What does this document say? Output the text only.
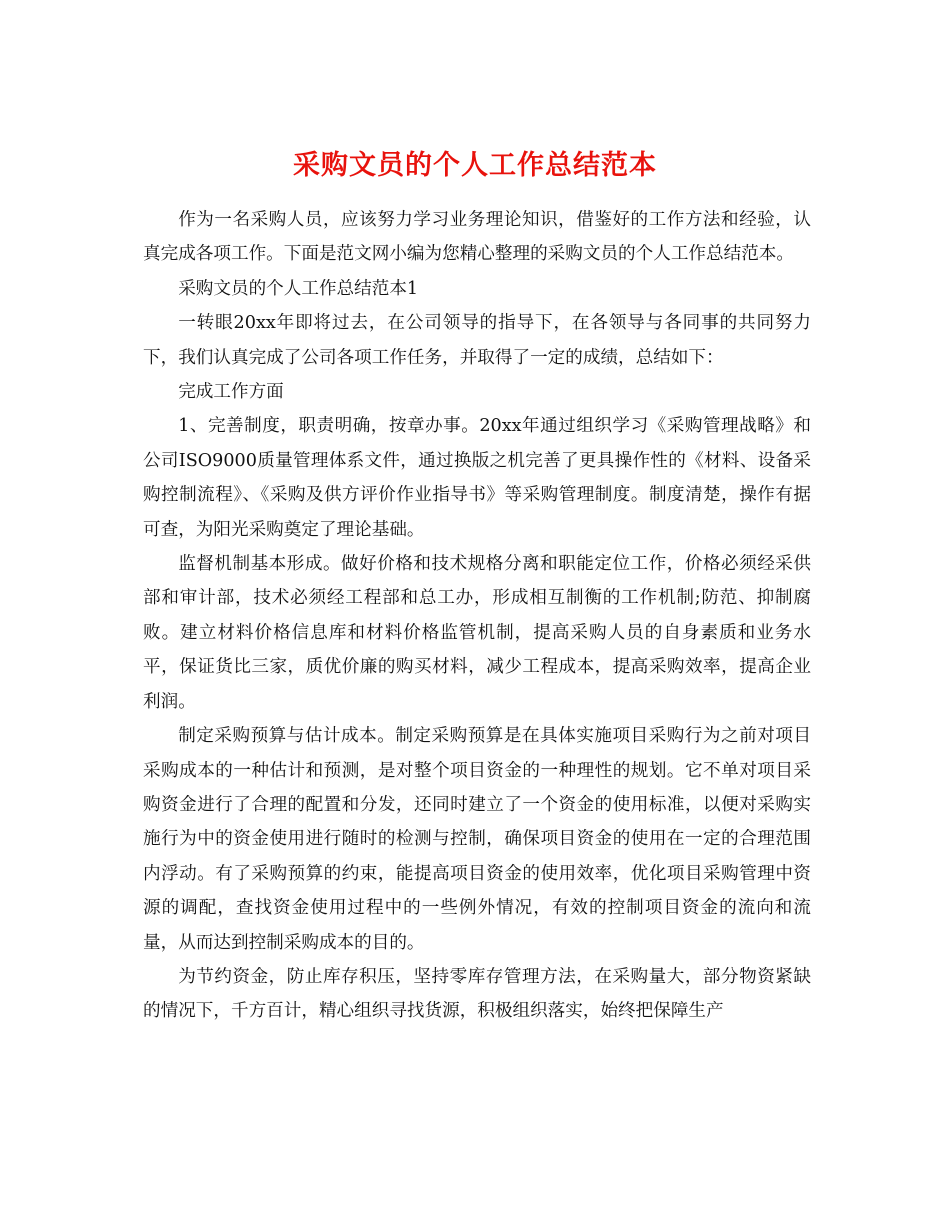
采购文员的个人工作总结范本

作为一名采购人员，应该努力学习业务理论知识，借鉴好的工作方法和经验，认真完成各项工作。下面是范文网小编为您精心整理的采购文员的个人工作总结范本。

采购文员的个人工作总结范本1

一转眼20xx年即将过去，在公司领导的指导下，在各领导与各同事的共同努力下，我们认真完成了公司各项工作任务，并取得了一定的成绩，总结如下：

完成工作方面

1、完善制度，职责明确，按章办事。20xx年通过组织学习《采购管理战略》和公司ISO9000质量管理体系文件，通过换版之机完善了更具操作性的《材料、设备采购控制流程》、《采购及供方评价作业指导书》等采购管理制度。制度清楚，操作有据可查，为阳光采购奠定了理论基础。

监督机制基本形成。做好价格和技术规格分离和职能定位工作，价格必须经采供部和审计部，技术必须经工程部和总工办，形成相互制衡的工作机制;防范、抑制腐败。建立材料价格信息库和材料价格监管机制，提高采购人员的自身素质和业务水平，保证货比三家，质优价廉的购买材料，减少工程成本，提高采购效率，提高企业利润。

制定采购预算与估计成本。制定采购预算是在具体实施项目采购行为之前对项目采购成本的一种估计和预测，是对整个项目资金的一种理性的规划。它不单对项目采购资金进行了合理的配置和分发，还同时建立了一个资金的使用标准，以便对采购实施行为中的资金使用进行随时的检测与控制，确保项目资金的使用在一定的合理范围内浮动。有了采购预算的约束，能提高项目资金的使用效率，优化项目采购管理中资源的调配，查找资金使用过程中的一些例外情况，有效的控制项目资金的流向和流量，从而达到控制采购成本的目的。

为节约资金，防止库存积压，坚持零库存管理方法，在采购量大，部分物资紧缺的情况下，千方百计，精心组织寻找货源，积极组织落实，始终把保障生产
